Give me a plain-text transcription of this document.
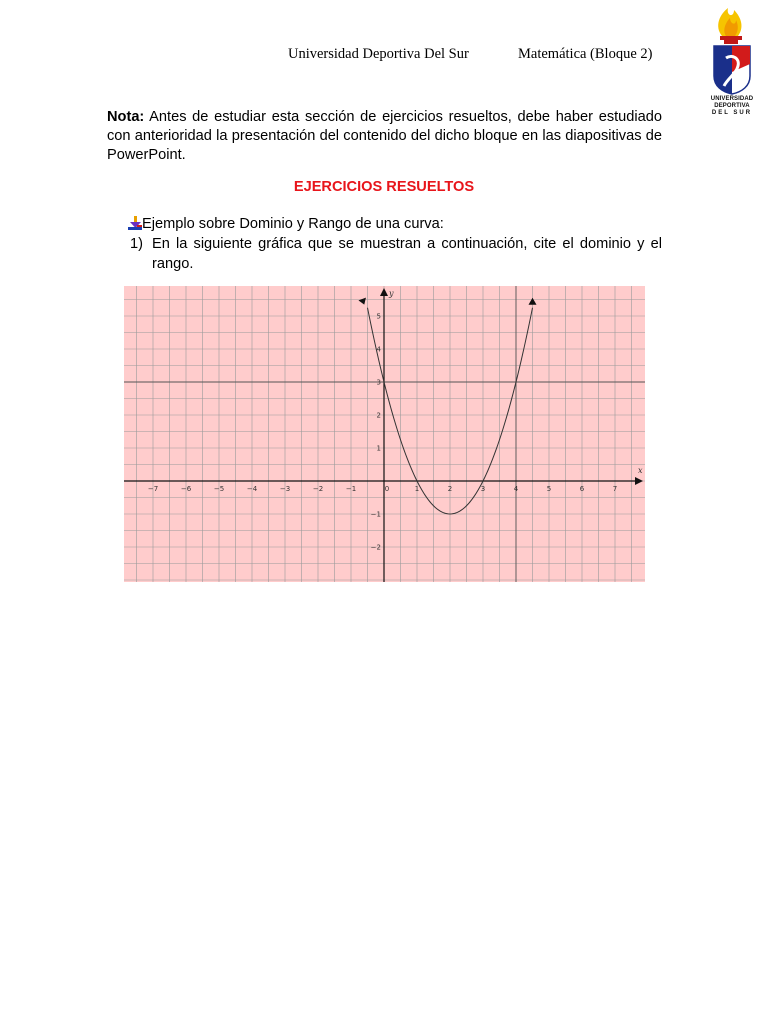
Universidad Deportiva Del Sur	Matemática (Bloque 2)
UNIVERSIDAD
DEPORTIVA
DEL SUR
Nota: Antes de estudiar esta sección de ejercicios resueltos, debe haber estudiado con anterioridad la presentación del contenido del dicho bloque en las diapositivas de PowerPoint.
EJERCICIOS RESUELTOS
Ejemplo sobre Dominio y Rango de una curva:
1) En la siguiente gráfica que se muestran a continuación, cite el dominio y el rango.
x
y
−7	−6	−5	−4	−3	−2	−1	0	1	2	3	4	5	6	7
5
4
3
2
1
−1
−2
